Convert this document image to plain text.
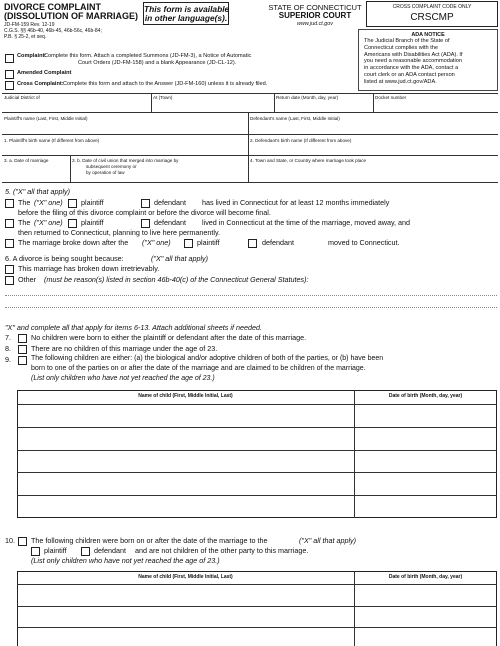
DIVORCE COMPLAINT
(DISSOLUTION OF MARRIAGE)
JD-FM-159 Rev. 12-19
C.G.S. §§ 46b-40, 46b-45, 46b-56c, 46b-84;
P.B. § 25-2, et seq.
This form is available
in other language(s).
STATE OF CONNECTICUT
SUPERIOR COURT
www.jud.ct.gov
CROSS COMPLAINT CODE ONLY
CRSCMP
ADA NOTICE
The Judicial Branch of the State of
Connecticut complies with the
Americans with Disabilities Act (ADA). If
you need a reasonable accommodation
in accordance with the ADA, contact a
court clerk or an ADA contact person
listed at www.jud.ct.gov/ADA.
Complaint:
Complete this form. Attach a completed Summons (JD-FM-3), a Notice of Automatic
Court Orders (JD-FM-158) and a blank Appearance (JD-CL-12).
Amended Complaint
Cross Complaint: Complete this form and attach to the Answer (JD-FM-160) unless it is already filed.
Judicial District of	At (Town)	Return date (Month, day, year)	Docket number
Plaintiff's name (Last, First, Middle Initial)	Defendant's name (Last, First, Middle Initial)
1. Plaintiff's birth name (If different from above)	2. Defendant's birth name (If different from above)
3. a. Date of marriage	3. b. Date of civil union that merged into marriage by
subsequent ceremony or
by operation of law
4. Town and State, or Country where marriage took place
5. ("X" all that apply)
The ("X" one)	plaintiff	defendant has lived in Connecticut for at least 12 months immediately
before the filing of this divorce complaint or before the divorce will become final.
The ("X" one)	plaintiff	defendant lived in Connecticut at the time of the marriage, moved away, and
then returned to Connecticut, planning to live here permanently.
The marriage broke down after the ("X" one)	plaintiff	defendant	moved to Connecticut.
6. A divorce is being sought because:	("X" all that apply)
This marriage has broken down irretrievably.
Other (must be reason(s) listed in section 46b-40(c) of the Connecticut General Statutes):
"X" and complete all that apply for items 6-13. Attach additional sheets if needed.
7.	No children were born to either the plaintiff or defendant after the date of this marriage.
8.	There are no children of this marriage under the age of 23.
9.	The following children are either: (a) the biological and/or adoptive children of both of the parties, or (b) have been
born to one of the parties on or after the date of the marriage and are claimed to be children of the marriage.
(List only children who have not yet reached the age of 23.)
Name of child (First, Middle Initial, Last)	Date of birth (Month, day, year)
10. The following children were born on or after the date of the marriage to the	("X" all that apply)
plaintiff	defendant and are not children of the other party to this marriage.
(List only children who have not yet reached the age of 23.)
Name of child (First, Middle Initial, Last)	Date of birth (Month, day, year)
